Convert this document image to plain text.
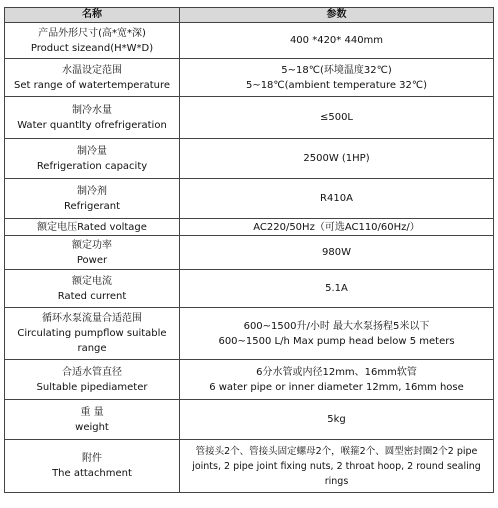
名称	参数

产品外形尺寸(高*宽*深)
Product sizeand(H*W*D)	400 *420* 440mm

水温设定范围
Set range of watertemperature	5~18℃(环境温度32℃)
5~18℃(ambient temperature 32℃)

制冷水量
Water quantlty ofrefrigeration	≤500L

制冷量
Refrigeration capacity	2500W (1HP)

制冷剂
Refrigerant	R410A

额定电压Rated voltage	AC220/50Hz（可选AC110/60Hz/）

额定功率
Power	980W

额定电流
Rated current	5.1A

循环水泵流量合适范围
Circulating pumpflow suitable
range	600~1500升/小时 最大水泵扬程5米以下
600~1500 L/h Max pump head below 5 meters

合适水管直径
Sultable pipediameter	6分水管或内径12mm、16mm软管
6 water pipe or inner diameter 12mm, 16mm hose

重 量
weight	5kg

附件
The attachment	管接头2个、管接头固定螺母2个，喉箍2个、圆型密封圈2个2 pipe
joints, 2 pipe joint fixing nuts, 2 throat hoop, 2 round sealing
rings
